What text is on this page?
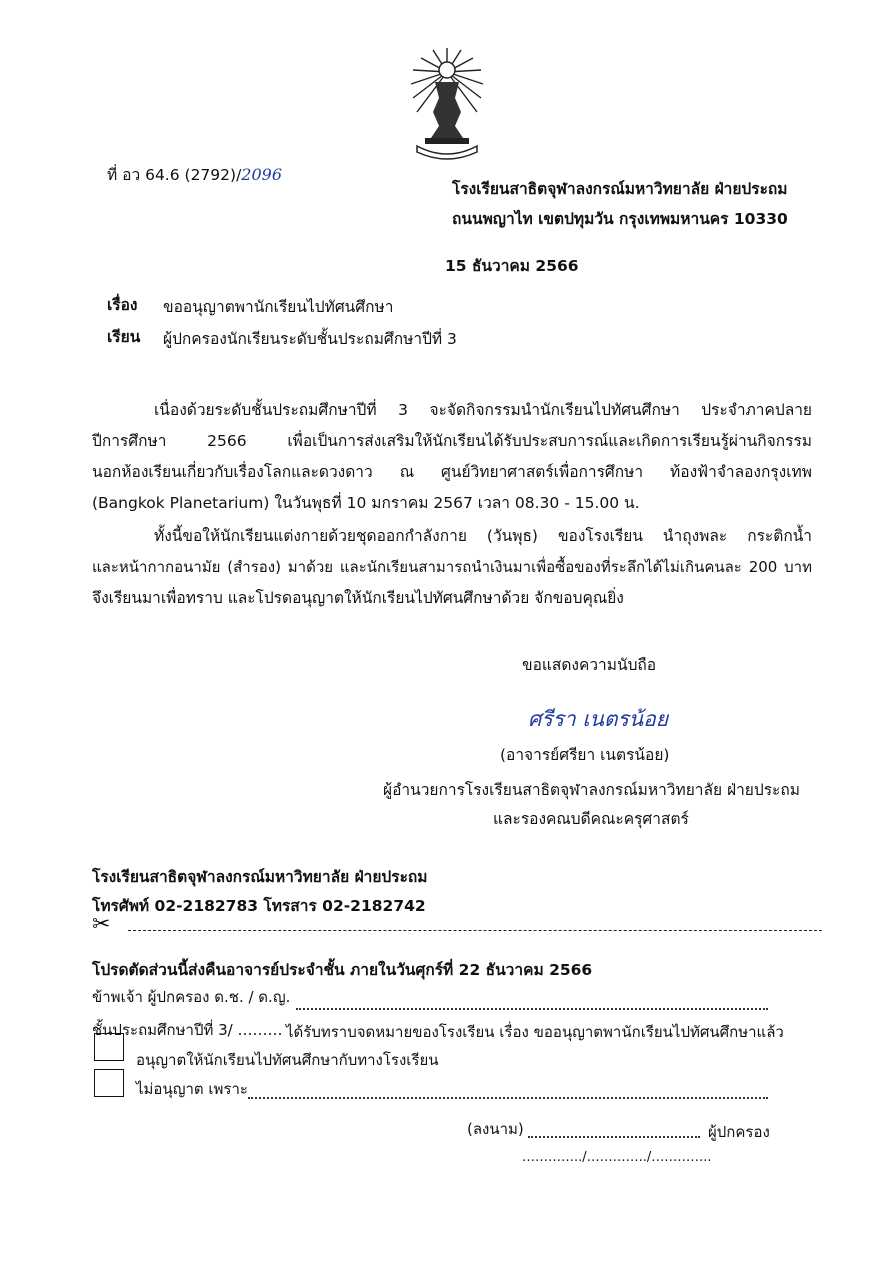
ที่ อว 64.6 (2792)/2096
โรงเรียนสาธิตจุฬาลงกรณ์มหาวิทยาลัย ฝ่ายประถม
ถนนพญาไท เขตปทุมวัน กรุงเทพมหานคร 10330
15 ธันวาคม 2566
เรื่อง ขออนุญาตพานักเรียนไปทัศนศึกษา
เรียน ผู้ปกครองนักเรียนระดับชั้นประถมศึกษาปีที่ 3
เนื่องด้วยระดับชั้นประถมศึกษาปีที่ 3 จะจัดกิจกรรมนำนักเรียนไปทัศนศึกษา ประจำภาคปลาย
ปีการศึกษา 2566 เพื่อเป็นการส่งเสริมให้นักเรียนได้รับประสบการณ์และเกิดการเรียนรู้ผ่านกิจกรรม
นอกห้องเรียนเกี่ยวกับเรื่องโลกและดวงดาว ณ ศูนย์วิทยาศาสตร์เพื่อการศึกษา ท้องฟ้าจำลองกรุงเทพ
(Bangkok Planetarium) ในวันพุธที่ 10 มกราคม 2567 เวลา 08.30 - 15.00 น.
ทั้งนี้ขอให้นักเรียนแต่งกายด้วยชุดออกกำลังกาย (วันพุธ) ของโรงเรียน นำถุงพละ กระติกน้ำ
และหน้ากากอนามัย (สำรอง) มาด้วย และนักเรียนสามารถนำเงินมาเพื่อซื้อของที่ระลึกได้ไม่เกินคนละ 200 บาท
จึงเรียนมาเพื่อทราบ และโปรดอนุญาตให้นักเรียนไปทัศนศึกษาด้วย จักขอบคุณยิ่ง
ขอแสดงความนับถือ
ศรีรา เนตรน้อย
(อาจารย์ศรียา เนตรน้อย)
ผู้อำนวยการโรงเรียนสาธิตจุฬาลงกรณ์มหาวิทยาลัย ฝ่ายประถม
และรองคณบดีคณะครุศาสตร์
โรงเรียนสาธิตจุฬาลงกรณ์มหาวิทยาลัย ฝ่ายประถม
โทรศัพท์ 02-2182783 โทรสาร 02-2182742
✂
โปรดตัดส่วนนี้ส่งคืนอาจารย์ประจำชั้น ภายในวันศุกร์ที่ 22 ธันวาคม 2566
ข้าพเจ้า ผู้ปกครอง ด.ช. / ด.ญ.
ชั้นประถมศึกษาปีที่ 3/ ……… ได้รับทราบจดหมายของโรงเรียน เรื่อง ขออนุญาตพานักเรียนไปทัศนศึกษาแล้ว
อนุญาตให้นักเรียนไปทัศนศึกษากับทางโรงเรียน
ไม่อนุญาต เพราะ
(ลงนาม)	ผู้ปกครอง
…………../…………../…………..
